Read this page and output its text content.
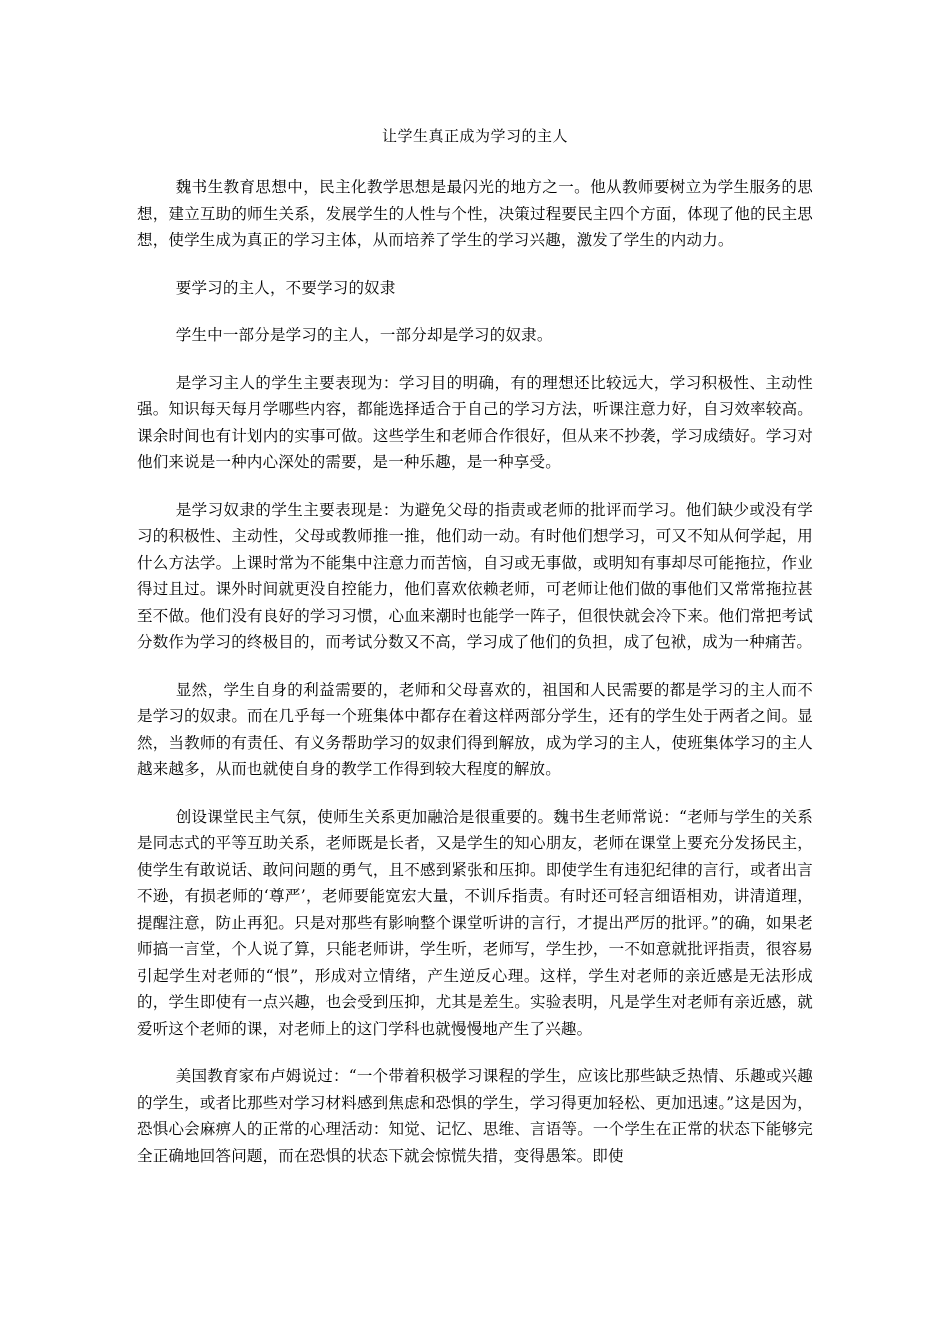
让学生真正成为学习的主人

魏书生教育思想中，民主化教学思想是最闪光的地方之一。他从教师要树立为学生服务的思想，建立互助的师生关系，发展学生的人性与个性，决策过程要民主四个方面，体现了他的民主思想，使学生成为真正的学习主体，从而培养了学生的学习兴趣，激发了学生的内动力。

要学习的主人，不要学习的奴隶

学生中一部分是学习的主人，一部分却是学习的奴隶。

是学习主人的学生主要表现为：学习目的明确，有的理想还比较远大，学习积极性、主动性强。知识每天每月学哪些内容，都能选择适合于自己的学习方法，听课注意力好，自习效率较高。课余时间也有计划内的实事可做。这些学生和老师合作很好，但从来不抄袭，学习成绩好。学习对他们来说是一种内心深处的需要，是一种乐趣，是一种享受。

是学习奴隶的学生主要表现是：为避免父母的指责或老师的批评而学习。他们缺少或没有学习的积极性、主动性，父母或教师推一推，他们动一动。有时他们想学习，可又不知从何学起，用什么方法学。上课时常为不能集中注意力而苦恼，自习或无事做，或明知有事却尽可能拖拉，作业得过且过。课外时间就更没自控能力，他们喜欢依赖老师，可老师让他们做的事他们又常常拖拉甚至不做。他们没有良好的学习习惯，心血来潮时也能学一阵子，但很快就会冷下来。他们常把考试分数作为学习的终极目的，而考试分数又不高，学习成了他们的负担，成了包袱，成为一种痛苦。

显然，学生自身的利益需要的，老师和父母喜欢的，祖国和人民需要的都是学习的主人而不是学习的奴隶。而在几乎每一个班集体中都存在着这样两部分学生，还有的学生处于两者之间。显然，当教师的有责任、有义务帮助学习的奴隶们得到解放，成为学习的主人，使班集体学习的主人越来越多，从而也就使自身的教学工作得到较大程度的解放。

创设课堂民主气氛，使师生关系更加融洽是很重要的。魏书生老师常说：“老师与学生的关系是同志式的平等互助关系，老师既是长者，又是学生的知心朋友，老师在课堂上要充分发扬民主，使学生有敢说话、敢问问题的勇气，且不感到紧张和压抑。即使学生有违犯纪律的言行，或者出言不逊，有损老师的‘尊严’，老师要能宽宏大量，不训斥指责。有时还可轻言细语相劝，讲清道理，提醒注意，防止再犯。只是对那些有影响整个课堂听讲的言行，才提出严厉的批评。”的确，如果老师搞一言堂，个人说了算，只能老师讲，学生听，老师写，学生抄，一不如意就批评指责，很容易引起学生对老师的“恨”，形成对立情绪，产生逆反心理。这样，学生对老师的亲近感是无法形成的，学生即使有一点兴趣，也会受到压抑，尤其是差生。实验表明，凡是学生对老师有亲近感，就爱听这个老师的课，对老师上的这门学科也就慢慢地产生了兴趣。

美国教育家布卢姆说过：“一个带着积极学习课程的学生，应该比那些缺乏热情、乐趣或兴趣的学生，或者比那些对学习材料感到焦虑和恐惧的学生，学习得更加轻松、更加迅速。”这是因为，恐惧心会麻痹人的正常的心理活动：知觉、记忆、思维、言语等。一个学生在正常的状态下能够完全正确地回答问题，而在恐惧的状态下就会惊慌失措，变得愚笨。即使
